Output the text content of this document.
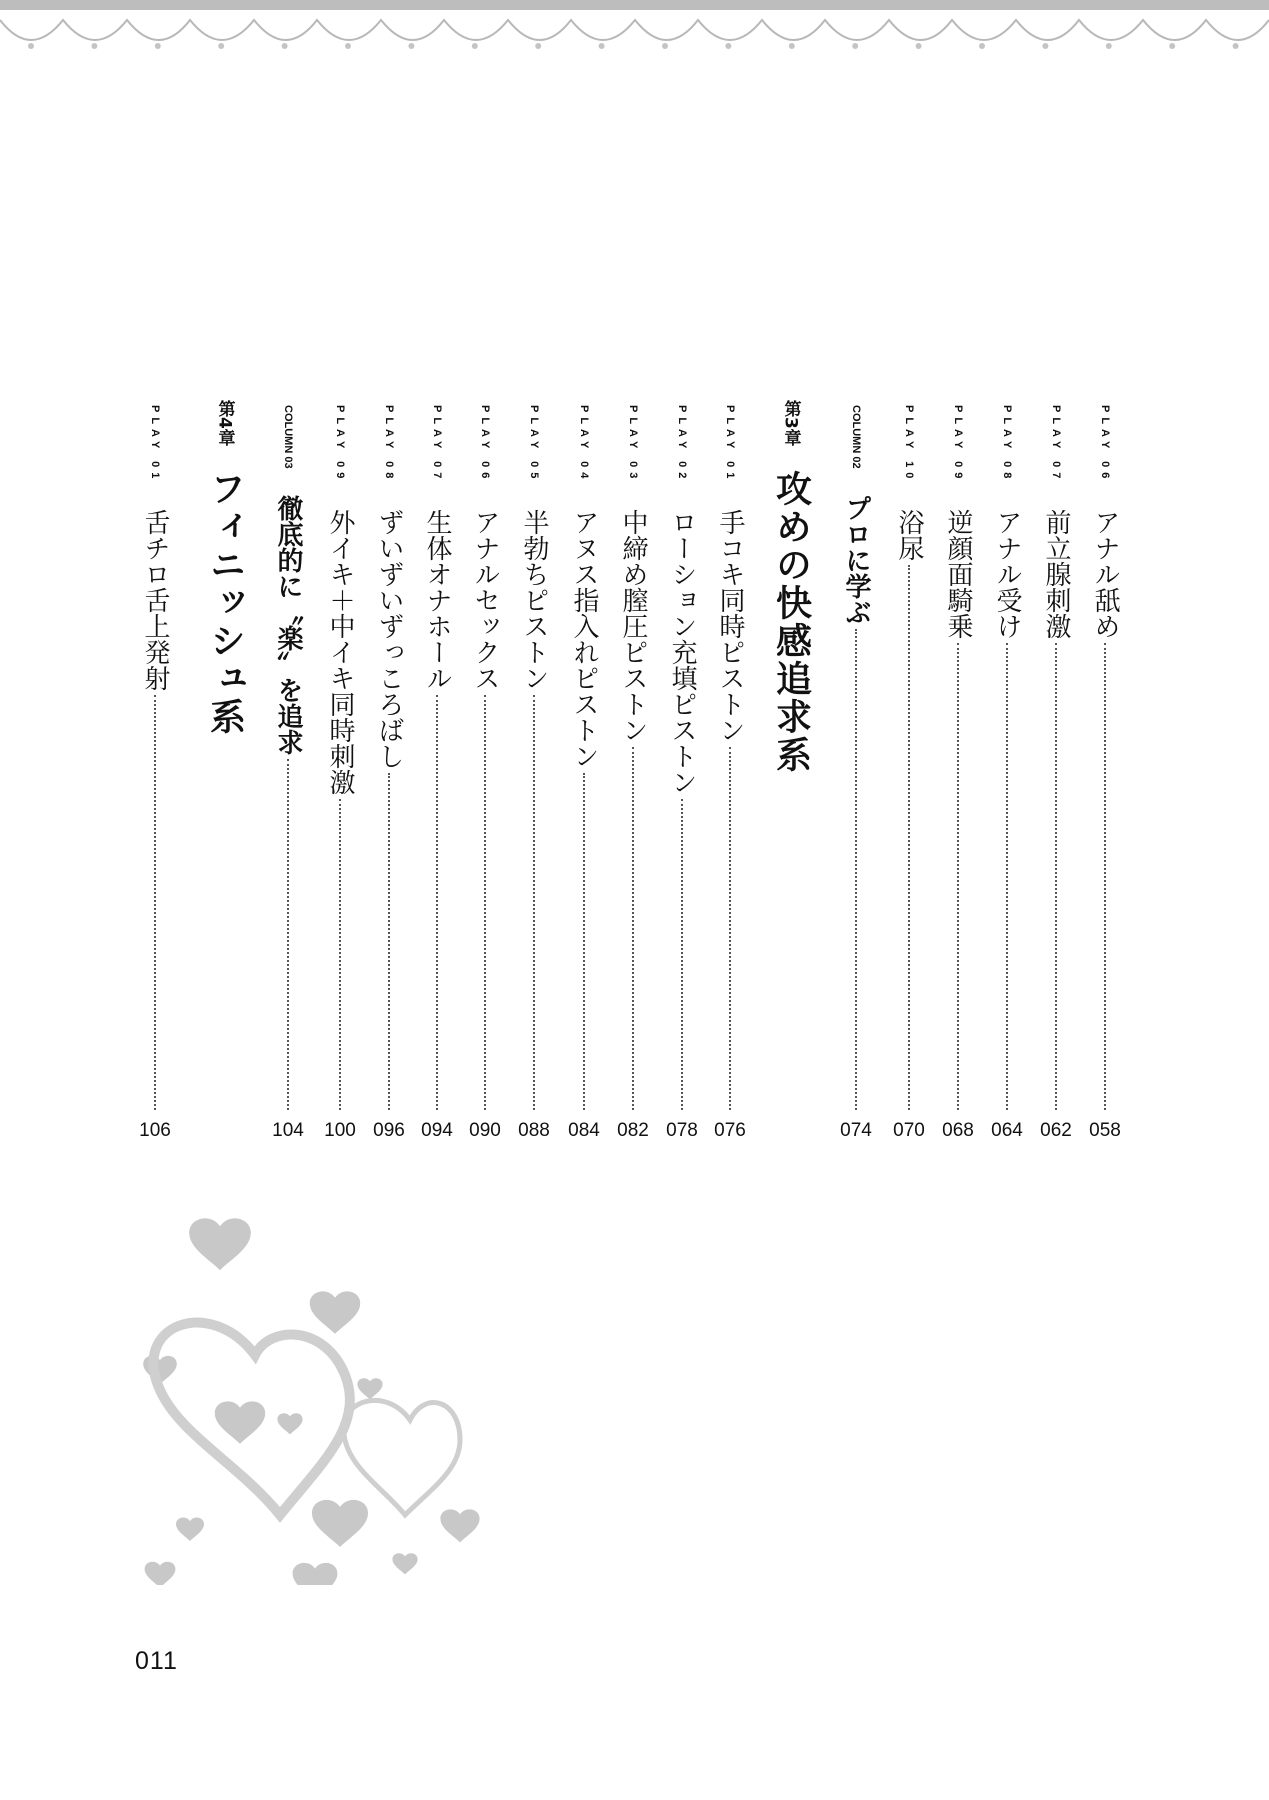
PLAY 06
アナル舐め
058
PLAY 07
前立腺刺激
062
PLAY 08
アナル受け
064
PLAY 09
逆顔面騎乗
068
PLAY 10
浴尿
070
COLUMN 02
プロに学ぶ
074
第3章
攻めの快感追求系
PLAY 01
手コキ同時ピストン
076
PLAY 02
ローション充填ピストン
078
PLAY 03
中締め膣圧ピストン
082
PLAY 04
アヌス指入れピストン
084
PLAY 05
半勃ちピストン
088
PLAY 06
アナルセックス
090
PLAY 07
生体オナホール
094
PLAY 08
ずいずいずっころばし
096
PLAY 09
外イキ＋中イキ同時刺激
100
COLUMN 03
徹底的に〝楽〟を追求
104
第4章
フィニッシュ系
PLAY 01
舌チロ舌上発射
106
011
